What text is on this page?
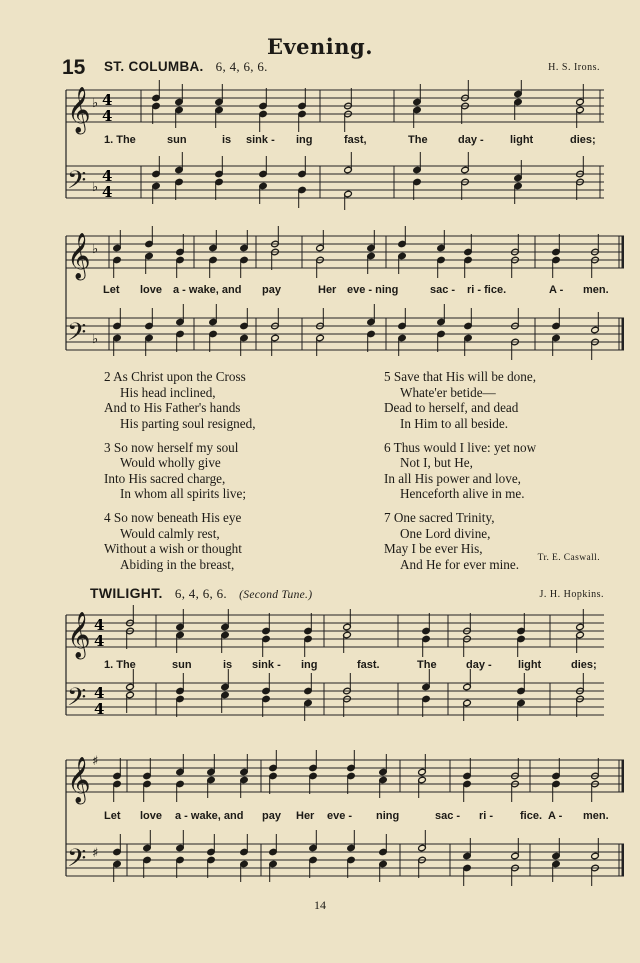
Evening.
15 ST. COLUMBA. 6, 4, 6, 6.	H. S. Irons.
𝄞
𝄢
♭
♭
4
4
4
4
𝄞
𝄢
♭
♭
1. The	sun	is sink - ing	fast,	The	day - light	dies;
Let love a - wake, and pay	Her eve - ning	sac - ri - fice.	A - men.
2 As Christ upon the Cross
His head inclined,
And to His Father's hands
His parting soul resigned,
3 So now herself my soul
Would wholly give
Into His sacred charge,
In whom all spirits live;
4 So now beneath His eye
Would calmly rest,
Without a wish or thought
Abiding in the breast,
5 Save that His will be done,
Whate'er betide—
Dead to herself, and dead
In Him to all beside.
6 Thus would I live: yet now
Not I, but He,
In all His power and love,
Henceforth alive in me.
7 One sacred Trinity,
One Lord divine,
May I be ever His,
And He for ever mine.	Tr. E. Caswall.
TWILIGHT. 6, 4, 6, 6. (Second Tune.)	J. H. Hopkins.
𝄞
𝄢
4
4
4
4
𝄞
𝄢
♯
♯
1. The	sun	is sink - ing	fast.	The	day - light	dies;
Let love a - wake, and pay Her eve - ning	sac - ri - fice. A - men.
14
